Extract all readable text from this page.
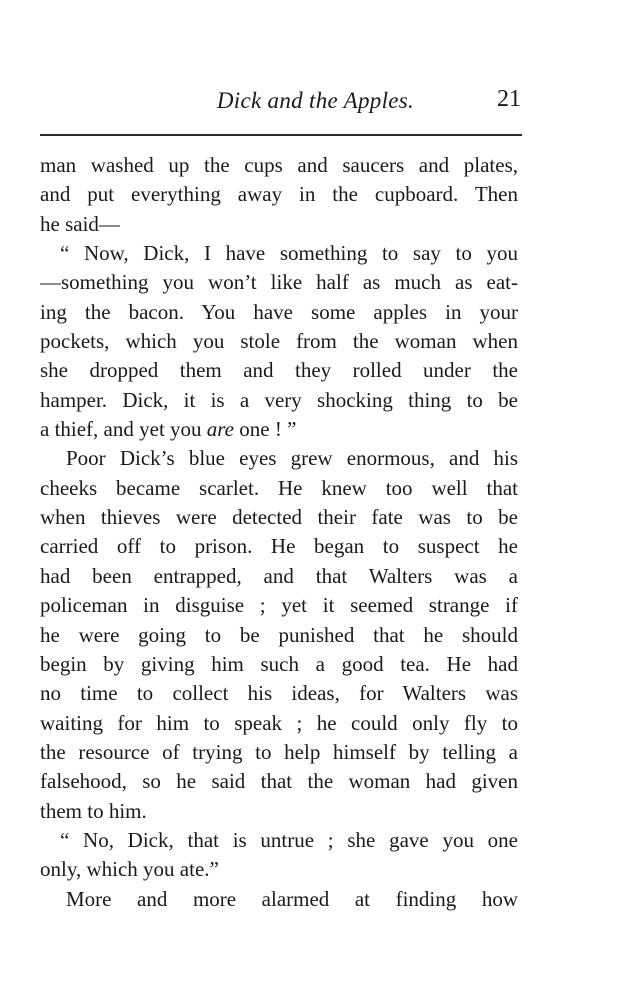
Dick and the Apples.	21
man washed up the cups and saucers and plates,
and put everything away in the cupboard. Then
he said—
“ Now, Dick, I have something to say to you
—something you won’t like half as much as eat-
ing the bacon. You have some apples in your
pockets, which you stole from the woman when
she dropped them and they rolled under the
hamper. Dick, it is a very shocking thing to be
a thief, and yet you are one ! ”
Poor Dick’s blue eyes grew enormous, and his
cheeks became scarlet. He knew too well that
when thieves were detected their fate was to be
carried off to prison. He began to suspect he
had been entrapped, and that Walters was a
policeman in disguise ; yet it seemed strange if
he were going to be punished that he should
begin by giving him such a good tea. He had
no time to collect his ideas, for Walters was
waiting for him to speak ; he could only fly to
the resource of trying to help himself by telling a
falsehood, so he said that the woman had given
them to him.
“ No, Dick, that is untrue ; she gave you one
only, which you ate.”
More and more alarmed at finding how
